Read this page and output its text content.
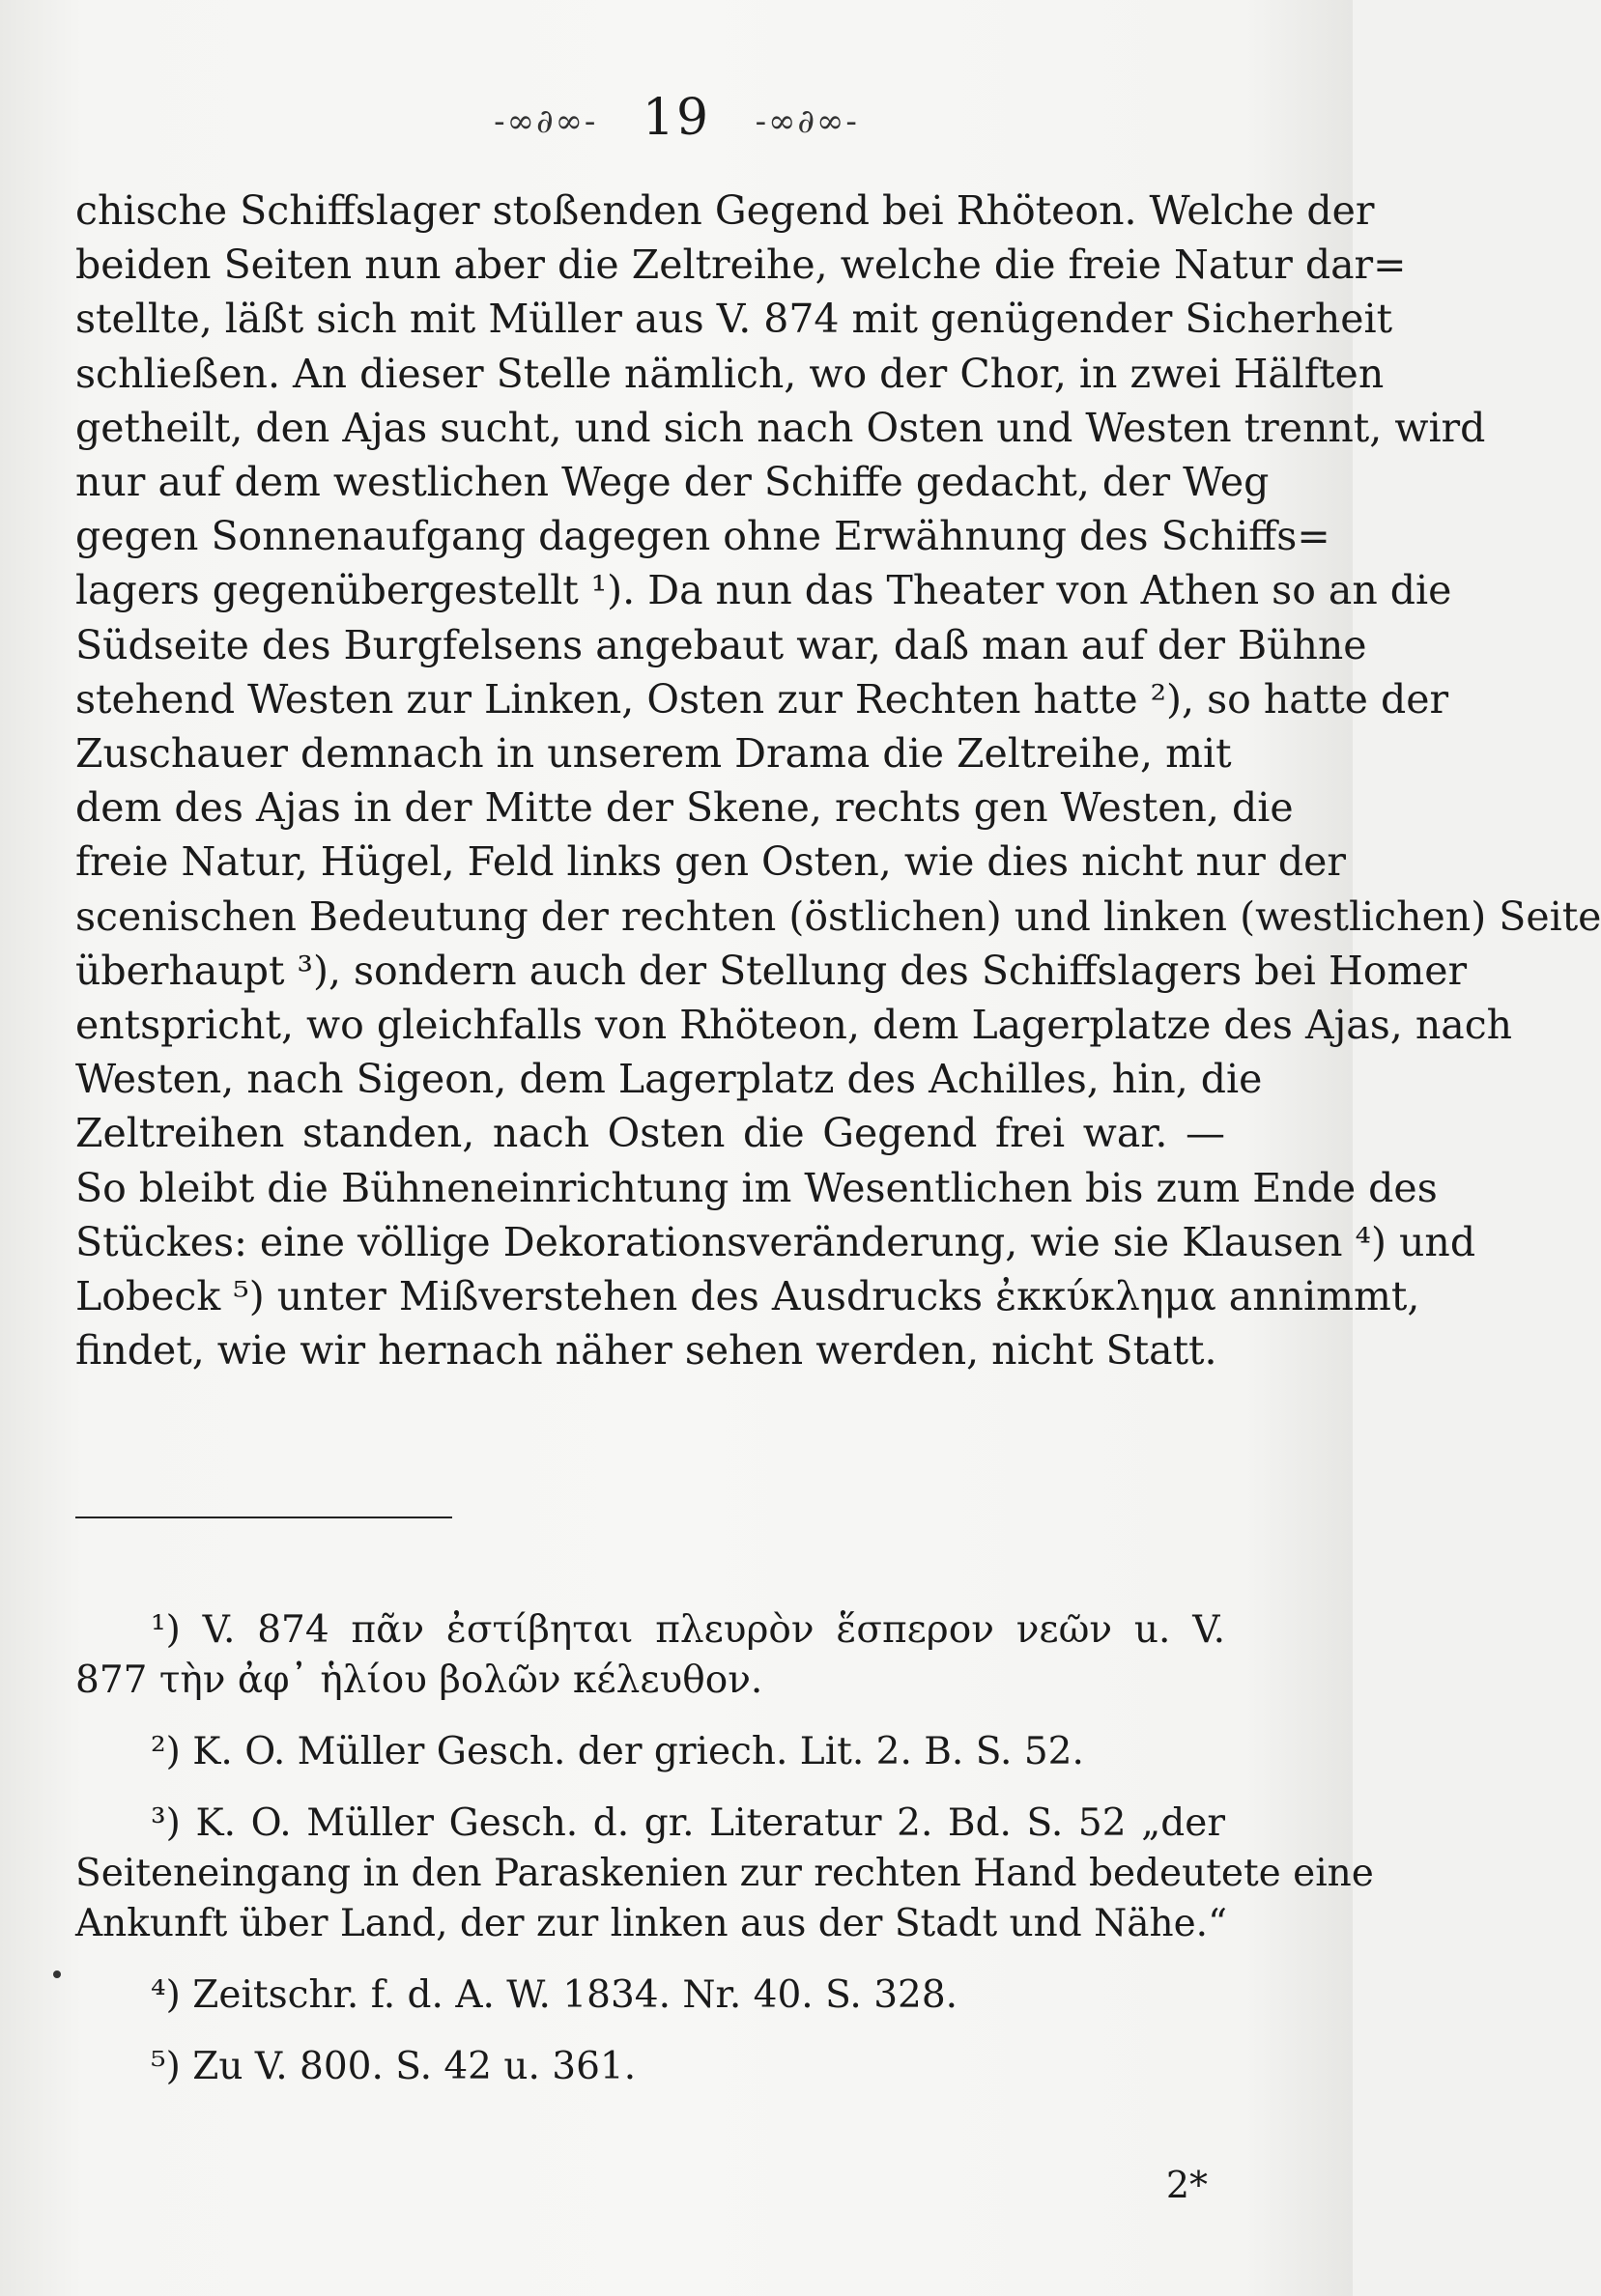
-∞∂∞- 19 -∞∂∞-
chische Schiffslager stoßenden Gegend bei Rhöteon. Welche der
beiden Seiten nun aber die Zeltreihe, welche die freie Natur dar=
stellte, läßt sich mit Müller aus V. 874 mit genügender Sicherheit
schließen. An dieser Stelle nämlich, wo der Chor, in zwei Hälften
getheilt, den Ajas sucht, und sich nach Osten und Westen trennt, wird
nur auf dem westlichen Wege der Schiffe gedacht, der Weg
gegen Sonnenaufgang dagegen ohne Erwähnung des Schiffs=
lagers gegenübergestellt ¹). Da nun das Theater von Athen so an die
Südseite des Burgfelsens angebaut war, daß man auf der Bühne
stehend Westen zur Linken, Osten zur Rechten hatte ²), so hatte der
Zuschauer demnach in unserem Drama die Zeltreihe, mit
dem des Ajas in der Mitte der Skene, rechts gen Westen, die
freie Natur, Hügel, Feld links gen Osten, wie dies nicht nur der
scenischen Bedeutung der rechten (östlichen) und linken (westlichen) Seite
überhaupt ³), sondern auch der Stellung des Schiffslagers bei Homer
entspricht, wo gleichfalls von Rhöteon, dem Lagerplatze des Ajas, nach
Westen, nach Sigeon, dem Lagerplatz des Achilles, hin, die
Zeltreihen standen, nach Osten die Gegend frei war. —
So bleibt die Bühneneinrichtung im Wesentlichen bis zum Ende des
Stückes: eine völlige Dekorationsveränderung, wie sie Klausen ⁴) und
Lobeck ⁵) unter Mißverstehen des Ausdrucks ἐκκύκλημα annimmt,
findet, wie wir hernach näher sehen werden, nicht Statt.
¹) V. 874 πᾶν ἐστίβηται πλευρὸν ἕσπερον νεῶν u. V.
877 τὴν ἀφ᾽ ἡλίου βολῶν κέλευθον.
²) K. O. Müller Gesch. der griech. Lit. 2. B. S. 52.
³) K. O. Müller Gesch. d. gr. Literatur 2. Bd. S. 52 „der
Seiteneingang in den Paraskenien zur rechten Hand bedeutete eine
Ankunft über Land, der zur linken aus der Stadt und Nähe.“
⁴) Zeitschr. f. d. A. W. 1834. Nr. 40. S. 328.
⁵) Zu V. 800. S. 42 u. 361.
2*
